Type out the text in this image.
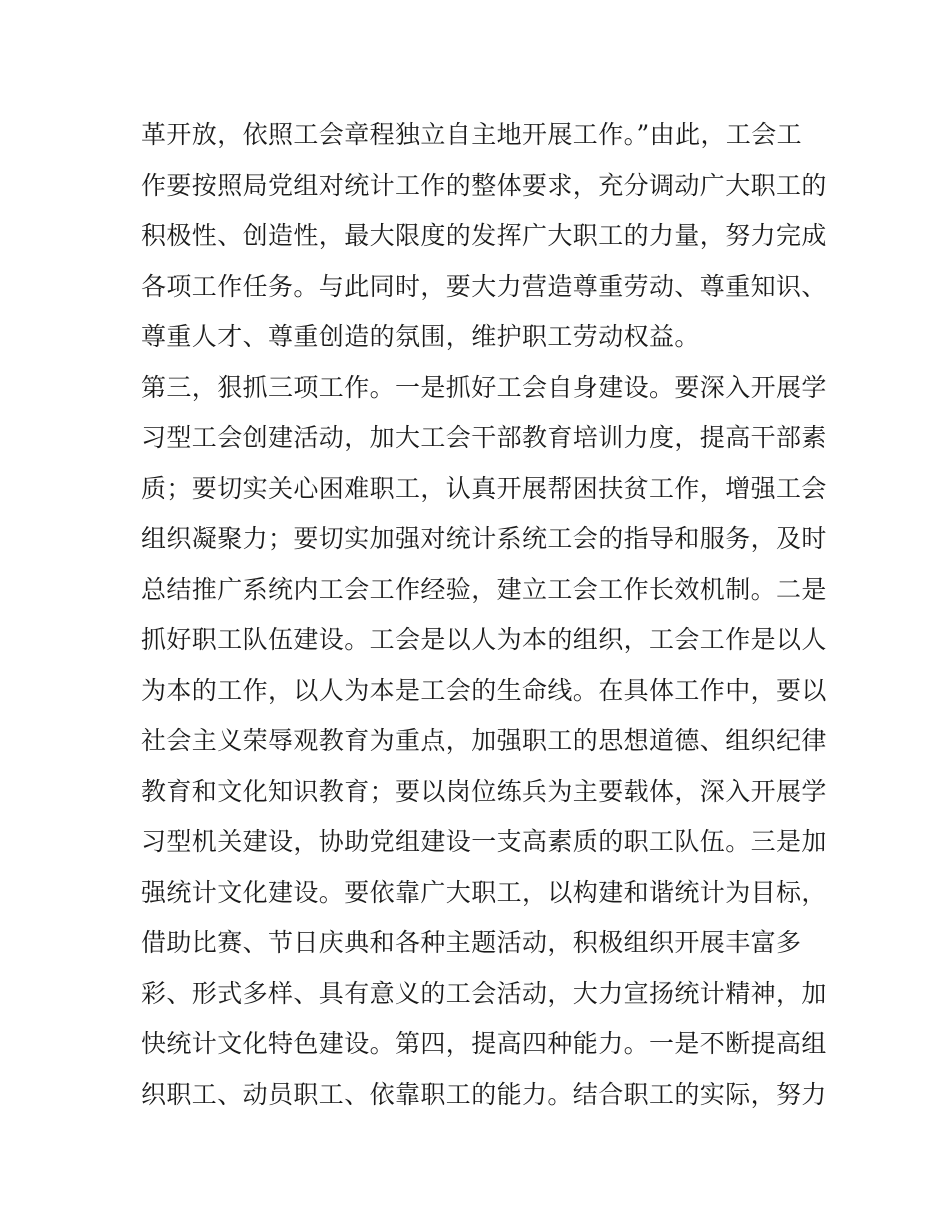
革开放，依照工会章程独立自主地开展工作。”由此，工会工
作要按照局党组对统计工作的整体要求，充分调动广大职工的
积极性、创造性，最大限度的发挥广大职工的力量，努力完成
各项工作任务。与此同时，要大力营造尊重劳动、尊重知识、
尊重人才、尊重创造的氛围，维护职工劳动权益。
第三，狠抓三项工作。一是抓好工会自身建设。要深入开展学
习型工会创建活动，加大工会干部教育培训力度，提高干部素
质；要切实关心困难职工，认真开展帮困扶贫工作，增强工会
组织凝聚力；要切实加强对统计系统工会的指导和服务，及时
总结推广系统内工会工作经验，建立工会工作长效机制。二是
抓好职工队伍建设。工会是以人为本的组织，工会工作是以人
为本的工作，以人为本是工会的生命线。在具体工作中，要以
社会主义荣辱观教育为重点，加强职工的思想道德、组织纪律
教育和文化知识教育；要以岗位练兵为主要载体，深入开展学
习型机关建设，协助党组建设一支高素质的职工队伍。三是加
强统计文化建设。要依靠广大职工，以构建和谐统计为目标，
借助比赛、节日庆典和各种主题活动，积极组织开展丰富多
彩、形式多样、具有意义的工会活动，大力宣扬统计精神，加
快统计文化特色建设。第四，提高四种能力。一是不断提高组
织职工、动员职工、依靠职工的能力。结合职工的实际，努力
